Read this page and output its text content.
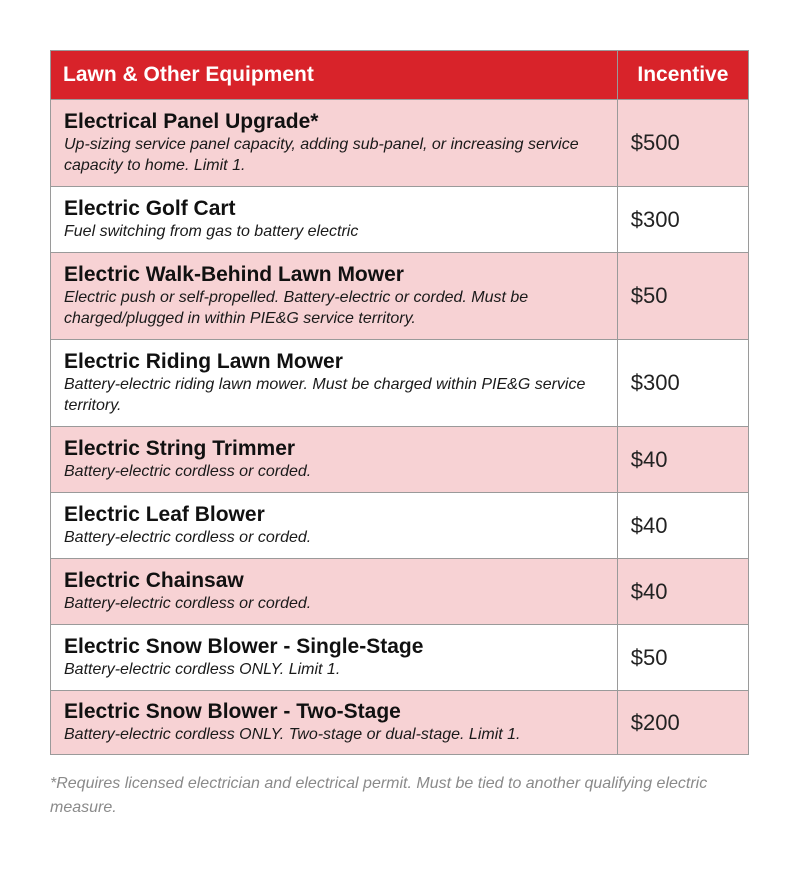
Lawn & Other Equipment	Incentive

Electrical Panel Upgrade*
Up-sizing service panel capacity, adding sub-panel, or increasing service capacity to home. Limit 1.	$500

Electric Golf Cart
Fuel switching from gas to battery electric	$300

Electric Walk-Behind Lawn Mower
Electric push or self-propelled. Battery-electric or corded. Must be charged/plugged in within PIE&G service territory.	$50

Electric Riding Lawn Mower
Battery-electric riding lawn mower. Must be charged within PIE&G service territory.	$300

Electric String Trimmer
Battery-electric cordless or corded.	$40

Electric Leaf Blower
Battery-electric cordless or corded.	$40

Electric Chainsaw
Battery-electric cordless or corded.	$40

Electric Snow Blower - Single-Stage
Battery-electric cordless ONLY. Limit 1.	$50

Electric Snow Blower - Two-Stage
Battery-electric cordless ONLY. Two-stage or dual-stage. Limit 1.	$200
*Requires licensed electrician and electrical permit. Must be tied to another qualifying electric measure.
